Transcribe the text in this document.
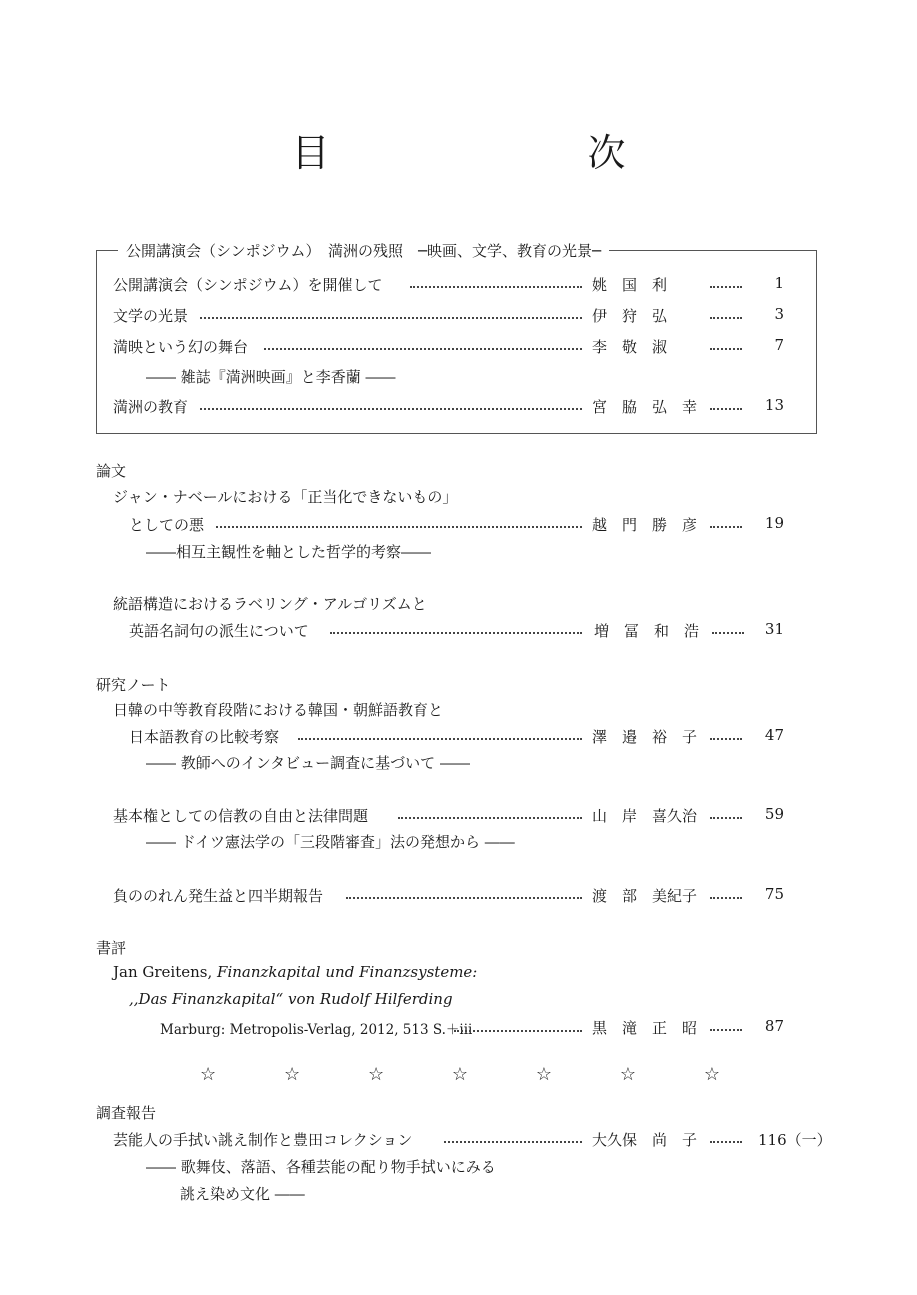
目　次
公開講演会（シンポジウム）　満洲の残照　─映画、文学、教育の光景─
公開講演会（シンポジウム）を開催して	姚　国　利	1
文学の光景	伊　狩　弘	3
満映という幻の舞台	李　敬　淑	7
―― 雑誌『満洲映画』と李香蘭 ――
満洲の教育	宮　脇　弘　幸	13
論文
ジャン・ナベールにおける「正当化できないもの」
としての悪	越　門　勝　彦	19
――相互主観性を軸とした哲学的考察――
統語構造におけるラベリング・アルゴリズムと
英語名詞句の派生について	増　冨　和　浩	31
研究ノート
日韓の中等教育段階における韓国・朝鮮語教育と
日本語教育の比較考察	澤　邉　裕　子	47
―― 教師へのインタビュー調査に基づいて ――
基本権としての信教の自由と法律問題	山　岸　喜久治	59
―― ドイツ憲法学の「三段階審査」法の発想から ――
負ののれん発生益と四半期報告	渡　部　美紀子	75
書評
Jan Greitens, Finanzkapital und Finanzsysteme:
,,Das Finanzkapital“ von Rudolf Hilferding
Marburg: Metropolis-Verlag, 2012, 513 S.＋iii	黒　滝　正　昭	87
☆	☆	☆	☆	☆	☆	☆
調査報告
芸能人の手拭い誂え制作と豊田コレクション	大久保　尚　子	116（一）
―― 歌舞伎、落語、各種芸能の配り物手拭いにみる
誂え染め文化 ――
